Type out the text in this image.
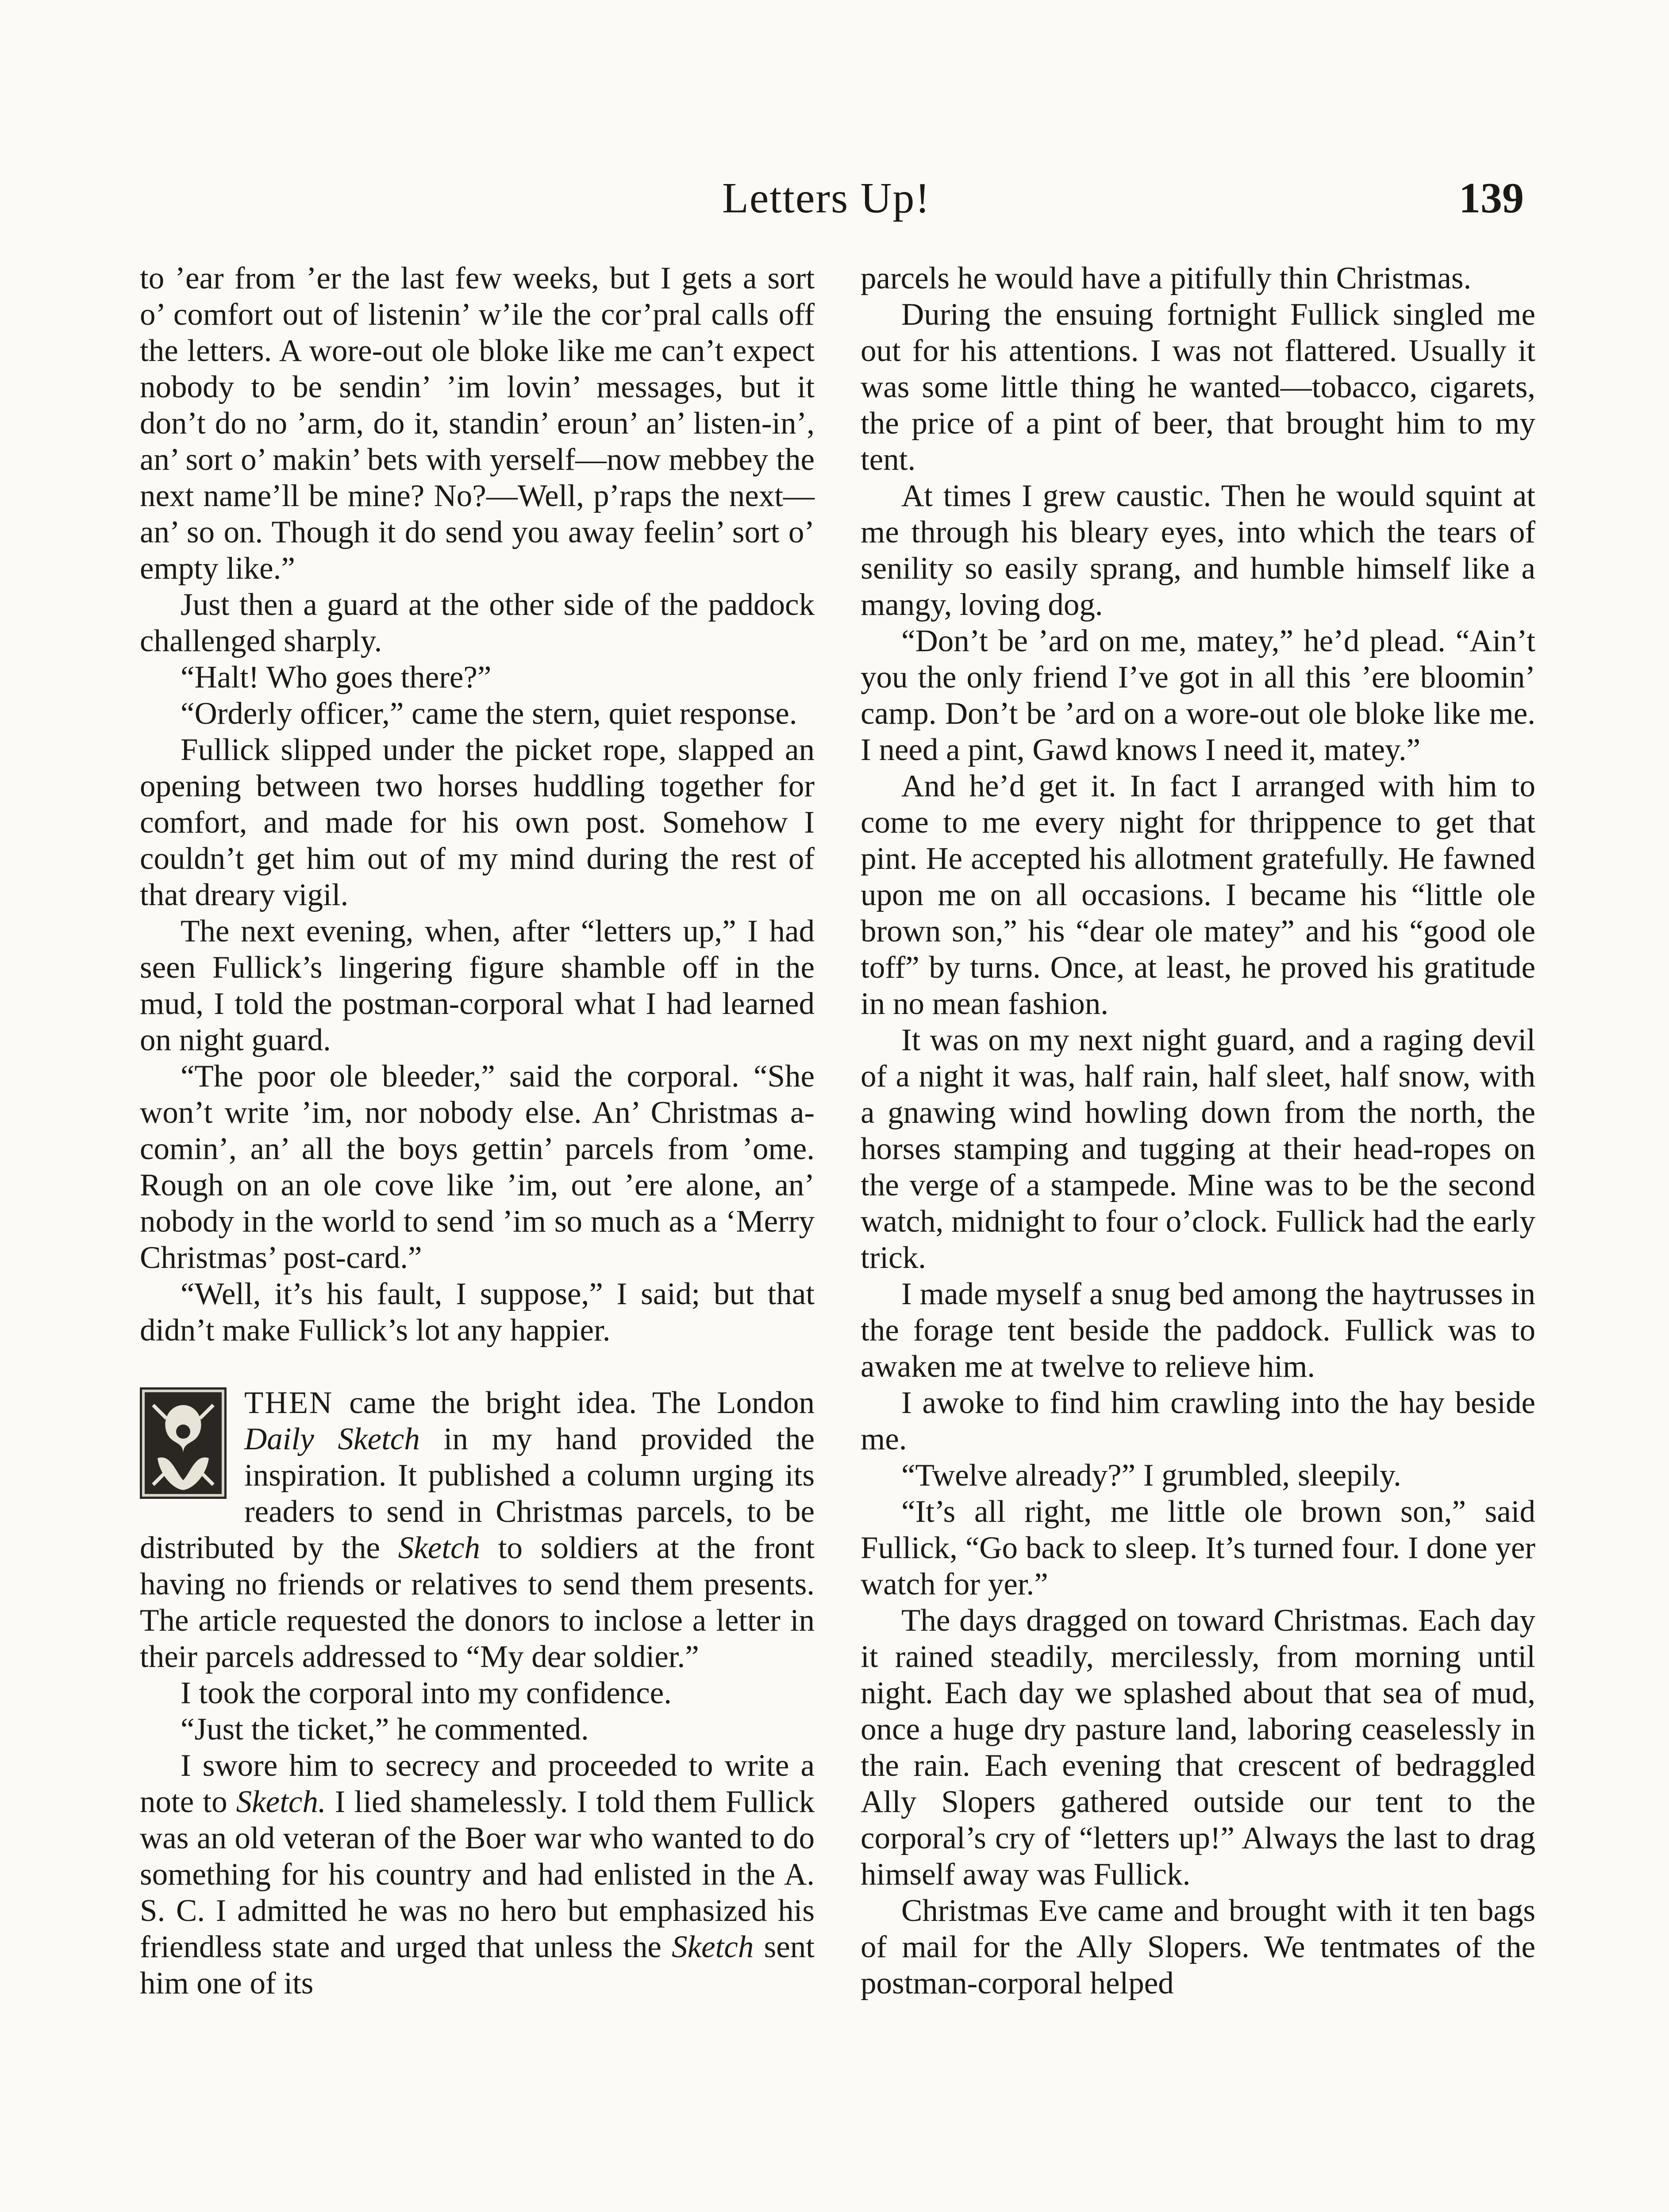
Letters Up!	139

to ’ear from ’er the last few weeks, but I gets a sort o’ comfort out of listenin’ w’ile the cor’pral calls off the letters. A wore-out ole bloke like me can’t expect nobody to be sendin’ ’im lovin’ messages, but it don’t do no ’arm, do it, standin’ eroun’ an’ listen-in’, an’ sort o’ makin’ bets with yerself—now mebbey the next name’ll be mine? No?—Well, p’raps the next—an’ so on. Though it do send you away feelin’ sort o’ empty like.”

Just then a guard at the other side of the paddock challenged sharply.

“Halt! Who goes there?”

“Orderly officer,” came the stern, quiet response.

Fullick slipped under the picket rope, slapped an opening between two horses huddling together for comfort, and made for his own post. Somehow I couldn’t get him out of my mind during the rest of that dreary vigil.

The next evening, when, after “letters up,” I had seen Fullick’s lingering figure shamble off in the mud, I told the postman-corporal what I had learned on night guard.

“The poor ole bleeder,” said the corporal. “She won’t write ’im, nor nobody else. An’ Christmas a-comin’, an’ all the boys gettin’ parcels from ’ome. Rough on an ole cove like ’im, out ’ere alone, an’ nobody in the world to send ’im so much as a ‘Merry Christmas’ post-card.”

“Well, it’s his fault, I suppose,” I said; but that didn’t make Fullick’s lot any happier.

THEN came the bright idea. The London Daily Sketch in my hand provided the inspiration. It published a column urging its readers to send in Christmas parcels, to be distributed by the Sketch to soldiers at the front having no friends or relatives to send them presents. The article requested the donors to inclose a letter in their parcels addressed to “My dear soldier.”

I took the corporal into my confidence.

“Just the ticket,” he commented.

I swore him to secrecy and proceeded to write a note to Sketch. I lied shamelessly. I told them Fullick was an old veteran of the Boer war who wanted to do something for his country and had enlisted in the A. S. C. I admitted he was no hero but emphasized his friendless state and urged that unless the Sketch sent him one of its

parcels he would have a pitifully thin Christmas.

During the ensuing fortnight Fullick singled me out for his attentions. I was not flattered. Usually it was some little thing he wanted—tobacco, cigarets, the price of a pint of beer, that brought him to my tent.

At times I grew caustic. Then he would squint at me through his bleary eyes, into which the tears of senility so easily sprang, and humble himself like a mangy, loving dog.

“Don’t be ’ard on me, matey,” he’d plead. “Ain’t you the only friend I’ve got in all this ’ere bloomin’ camp. Don’t be ’ard on a wore-out ole bloke like me. I need a pint, Gawd knows I need it, matey.”

And he’d get it. In fact I arranged with him to come to me every night for thrippence to get that pint. He accepted his allotment gratefully. He fawned upon me on all occasions. I became his “little ole brown son,” his “dear ole matey” and his “good ole toff” by turns. Once, at least, he proved his gratitude in no mean fashion.

It was on my next night guard, and a raging devil of a night it was, half rain, half sleet, half snow, with a gnawing wind howling down from the north, the horses stamping and tugging at their head-ropes on the verge of a stampede. Mine was to be the second watch, midnight to four o’clock. Fullick had the early trick.

I made myself a snug bed among the haytrusses in the forage tent beside the paddock. Fullick was to awaken me at twelve to relieve him.

I awoke to find him crawling into the hay beside me.

“Twelve already?” I grumbled, sleepily.

“It’s all right, me little ole brown son,” said Fullick, “Go back to sleep. It’s turned four. I done yer watch for yer.”

The days dragged on toward Christmas. Each day it rained steadily, mercilessly, from morning until night. Each day we splashed about that sea of mud, once a huge dry pasture land, laboring ceaselessly in the rain. Each evening that crescent of bedraggled Ally Slopers gathered outside our tent to the corporal’s cry of “letters up!” Always the last to drag himself away was Fullick.

Christmas Eve came and brought with it ten bags of mail for the Ally Slopers. We tentmates of the postman-corporal helped
